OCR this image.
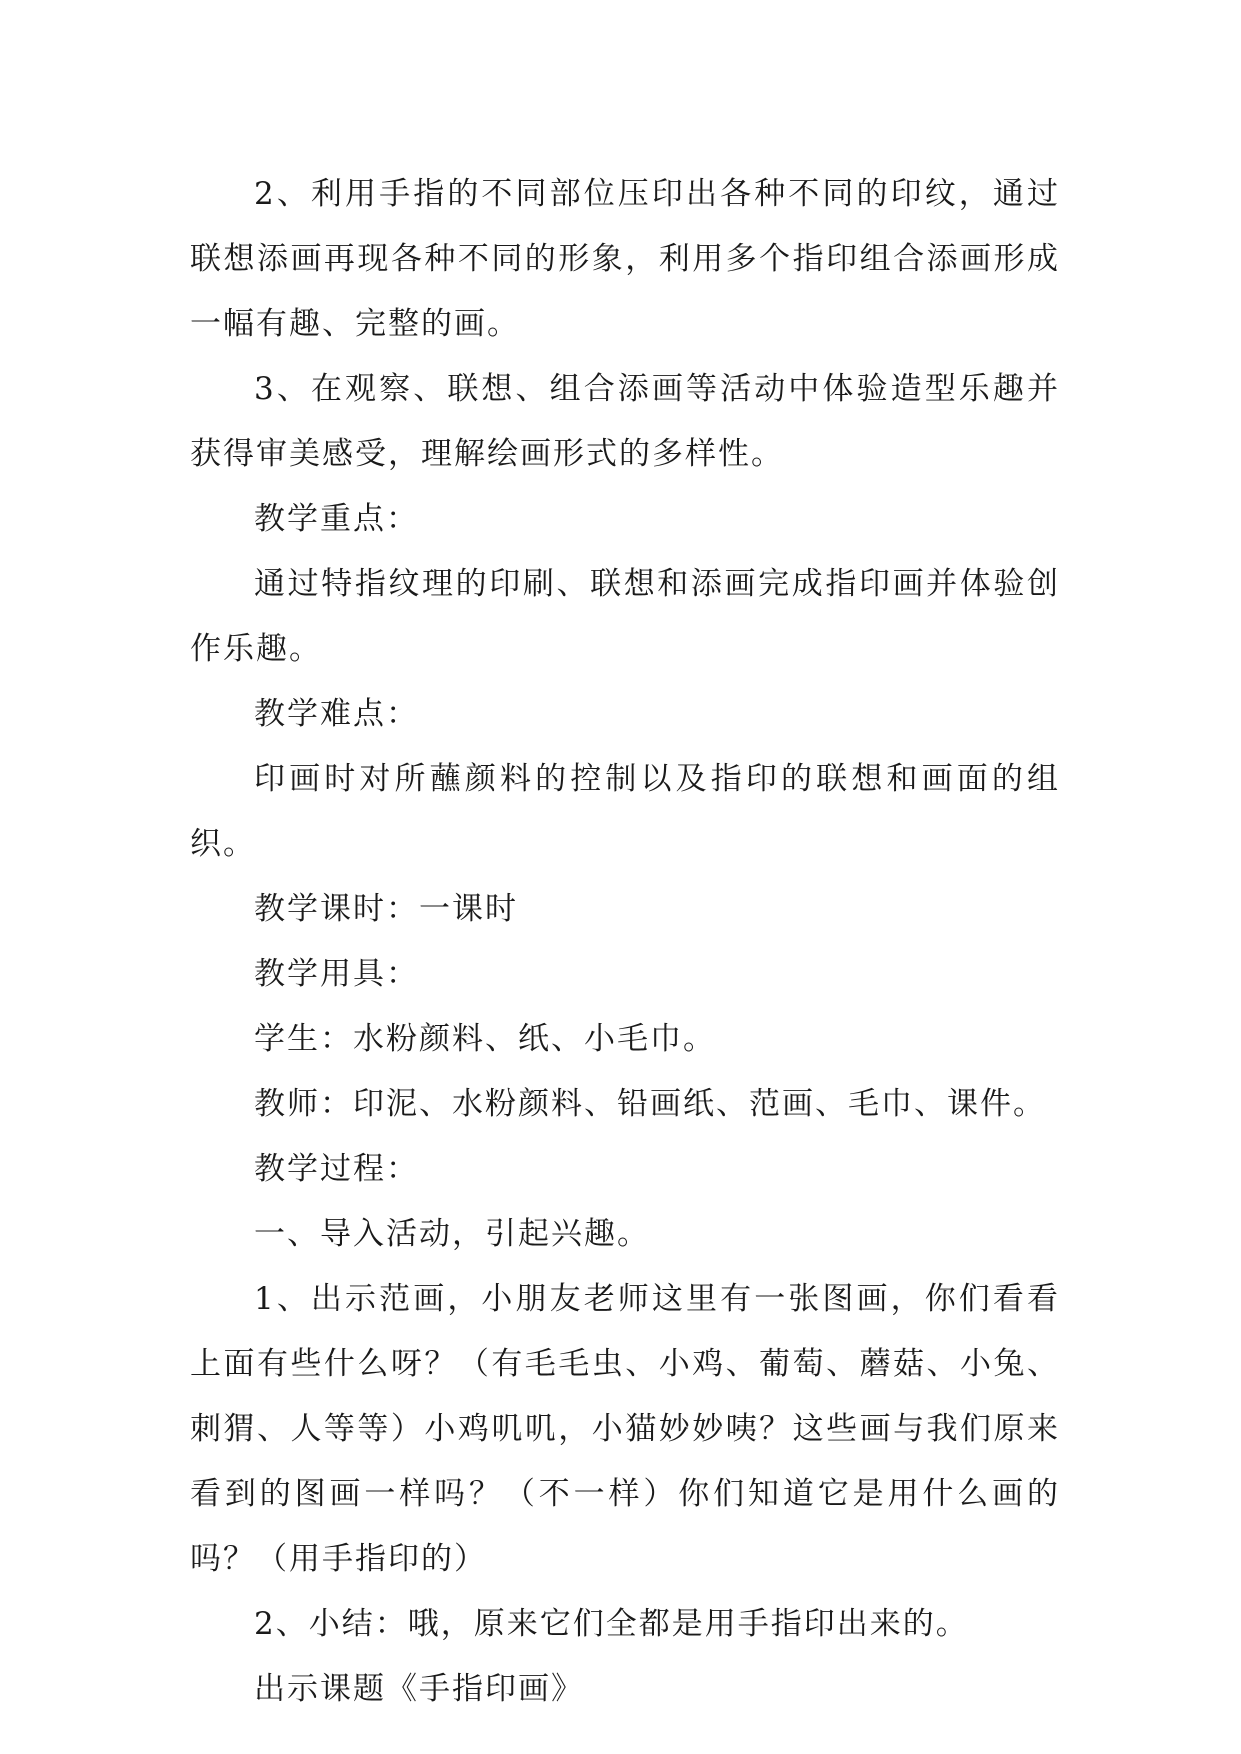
2、利用手指的不同部位压印出各种不同的印纹，通过联想添画再现各种不同的形象，利用多个指印组合添画形成一幅有趣、完整的画。

3、在观察、联想、组合添画等活动中体验造型乐趣并获得审美感受，理解绘画形式的多样性。

教学重点：

通过特指纹理的印刷、联想和添画完成指印画并体验创作乐趣。

教学难点：

印画时对所蘸颜料的控制以及指印的联想和画面的组织。

教学课时：一课时

教学用具：

学生：水粉颜料、纸、小毛巾。

教师：印泥、水粉颜料、铅画纸、范画、毛巾、课件。

教学过程：

一、导入活动，引起兴趣。

1、出示范画，小朋友老师这里有一张图画，你们看看上面有些什么呀？（有毛毛虫、小鸡、葡萄、蘑菇、小兔、刺猬、人等等）小鸡叽叽，小猫妙妙咦？这些画与我们原来看到的图画一样吗？（不一样）你们知道它是用什么画的吗？（用手指印的）

2、小结：哦，原来它们全都是用手指印出来的。

出示课题《手指印画》
